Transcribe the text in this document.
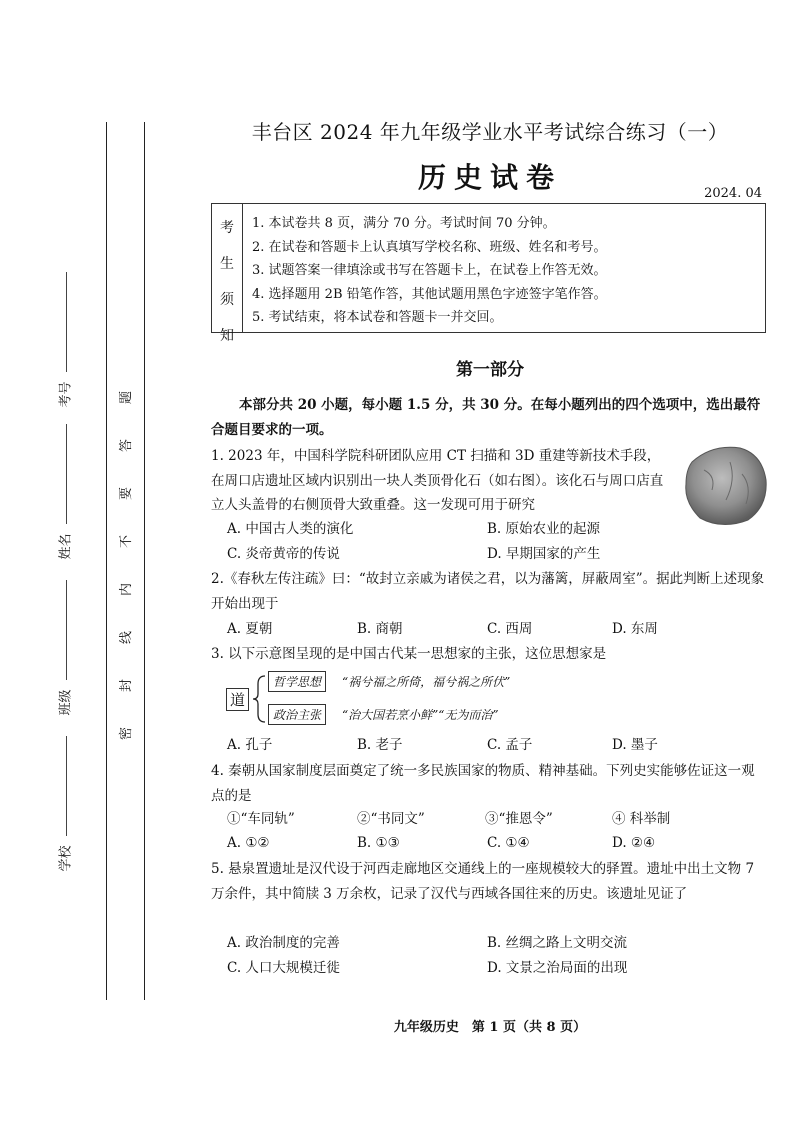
考号
姓名
班级
学校
题
答
要
不
内
线
封
密
丰台区 2024 年九年级学业水平考试综合练习（一）
历史试卷	2024. 04
考
生
须
知
1. 本试卷共 8 页，满分 70 分。考试时间 70 分钟。
2. 在试卷和答题卡上认真填写学校名称、班级、姓名和考号。
3. 试题答案一律填涂或书写在答题卡上，在试卷上作答无效。
4. 选择题用 2B 铅笔作答，其他试题用黑色字迹签字笔作答。
5. 考试结束，将本试卷和答题卡一并交回。
第一部分
本部分共 20 小题，每小题 1.5 分，共 30 分。在每小题列出的四个选项中，选出最符合题目要求的一项。
1. 2023 年，中国科学院科研团队应用 CT 扫描和 3D 重建等新技术手段，在周口店遗址区域内识别出一块人类顶骨化石（如右图）。该化石与周口店直立人头盖骨的右侧顶骨大致重叠。这一发现可用于研究
A. 中国古人类的演化	B. 原始农业的起源
C. 炎帝黄帝的传说	D. 早期国家的产生
2.《春秋左传注疏》曰：“故封立亲戚为诸侯之君，以为藩篱，屏蔽周室”。据此判断上述现象开始出现于
A. 夏朝	B. 商朝	C. 西周	D. 东周
3. 以下示意图呈现的是中国古代某一思想家的主张，这位思想家是
道
哲学思想	“祸兮福之所倚，福兮祸之所伏”
政治主张	“治大国若烹小鲜”“无为而治”
A. 孔子	B. 老子	C. 孟子	D. 墨子
4. 秦朝从国家制度层面奠定了统一多民族国家的物质、精神基础。下列史实能够佐证这一观点的是
①“车同轨”	②“书同文”	③“推恩令”	④ 科举制
A. ①②	B. ①③	C. ①④	D. ②④
5. 悬泉置遗址是汉代设于河西走廊地区交通线上的一座规模较大的驿置。遗址中出土文物 7 万余件，其中简牍 3 万余枚，记录了汉代与西域各国往来的历史。该遗址见证了
A. 政治制度的完善	B. 丝绸之路上文明交流
C. 人口大规模迁徙	D. 文景之治局面的出现
九年级历史　第 1 页（共 8 页）
